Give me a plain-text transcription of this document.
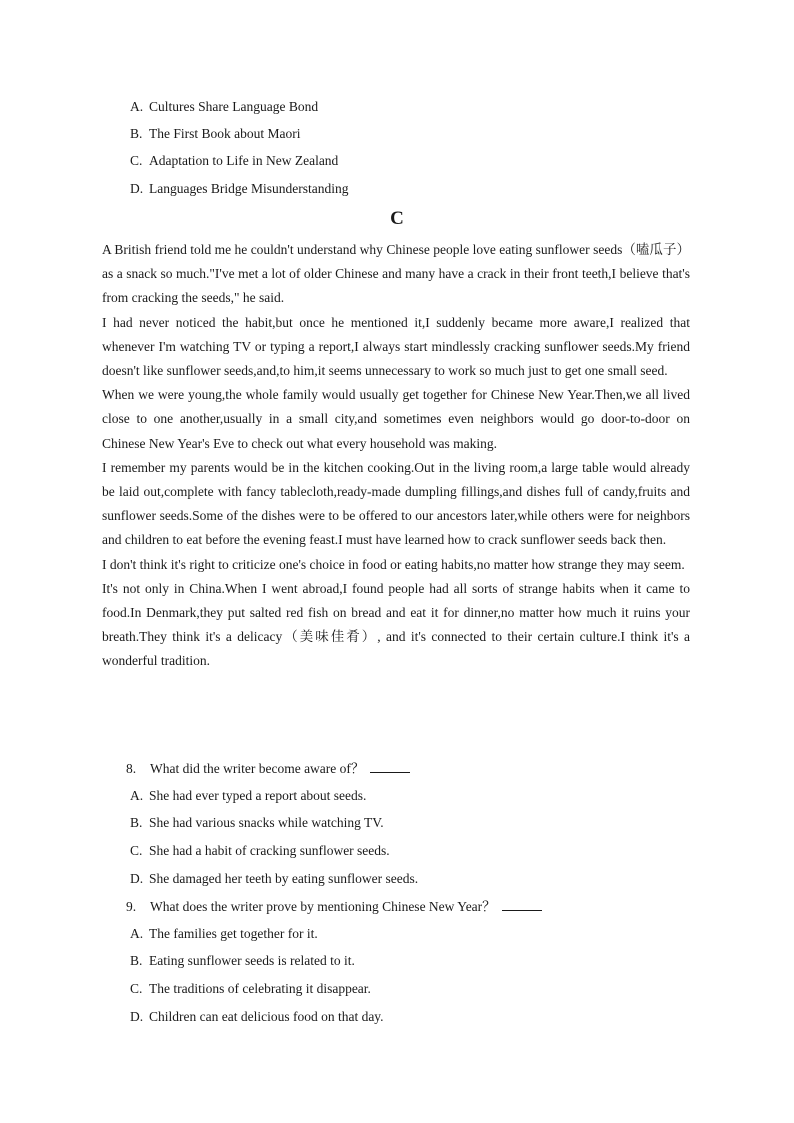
A. Cultures Share Language Bond
B. The First Book about Maori
C. Adaptation to Life in New Zealand
D. Languages Bridge Misunderstanding
C

A British friend told me he couldn't understand why Chinese people love eating sunflower seeds（嗑瓜子） as a snack so much."I've met a lot of older Chinese and many have a crack in their front teeth,I believe that's from cracking the seeds," he said.

I had never noticed the habit,but once he mentioned it,I suddenly became more aware,I realized that whenever I'm watching TV or typing a report,I always start mindlessly cracking sunflower seeds.My friend doesn't like sunflower seeds,and,to him,it seems unnecessary to work so much just to get one small seed.

When we were young,the whole family would usually get together for Chinese New Year.Then,we all lived close to one another,usually in a small city,and sometimes even neighbors would go door-to-door on Chinese New Year's Eve to check out what every household was making.

I remember my parents would be in the kitchen cooking.Out in the living room,a large table would already be laid out,complete with fancy tablecloth,ready-made dumpling fillings,and dishes full of candy,fruits and sunflower seeds.Some of the dishes were to be offered to our ancestors later,while others were for neighbors and children to eat before the evening feast.I must have learned how to crack sunflower seeds back then.

I don't think it's right to criticize one's choice in food or eating habits,no matter how strange they may seem.

It's not only in China.When I went abroad,I found people had all sorts of strange habits when it came to food.In Denmark,they put salted red fish on bread and eat it for dinner,no matter how much it ruins your breath.They think it's a delicacy（美味佳肴）, and it's connected to their certain culture.I think it's a wonderful tradition.

8. What did the writer become aware of？
A. She had ever typed a report about seeds.
B. She had various snacks while watching TV.
C. She had a habit of cracking sunflower seeds.
D. She damaged her teeth by eating sunflower seeds.
9. What does the writer prove by mentioning Chinese New Year？
A. The families get together for it.
B. Eating sunflower seeds is related to it.
C. The traditions of celebrating it disappear.
D. Children can eat delicious food on that day.
